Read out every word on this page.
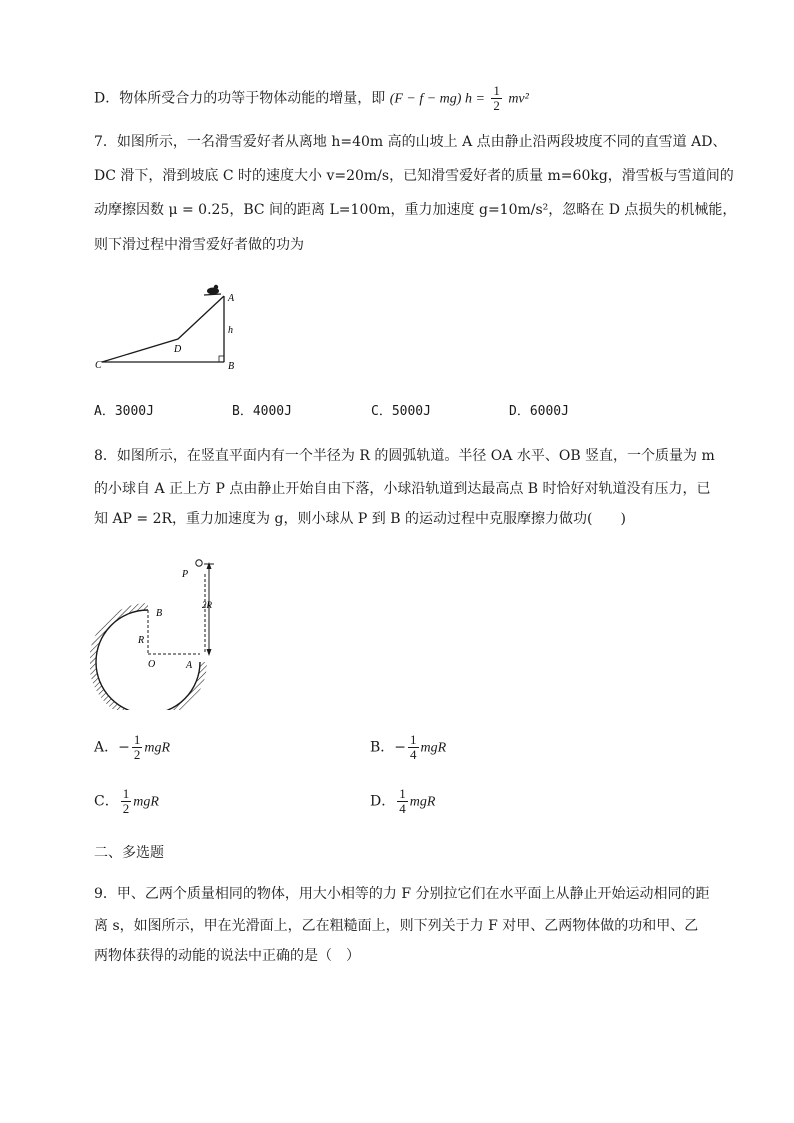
D．物体所受合力的功等于物体动能的增量，即 (F − f − mg) $h = \frac{1}{2} mv^2$
7．如图所示，一名滑雪爱好者从离地 h=40m 高的山坡上 A 点由静止沿两段坡度不同的直雪道 AD、
DC 滑下，滑到坡底 C 时的速度大小 v=20m/s，已知滑雪爱好者的质量 m=60kg，滑雪板与雪道间的
动摩擦因数 μ = 0.25，BC 间的距离 L=100m，重力加速度 g=10m/s²，忽略在 D 点损失的机械能，
则下滑过程中滑雪爱好者做的功为
A
B
C
D
h
A．3000J	B．4000J	C．5000J	D．6000J
8．如图所示，在竖直平面内有一个半径为 R 的圆弧轨道。半径 OA 水平、OB 竖直，一个质量为 m
的小球自 A 正上方 P 点由静止开始自由下落，小球沿轨道到达最高点 B 时恰好对轨道没有压力，已
知 AP = 2R，重力加速度为 g，则小球从 P 到 B 的运动过程中克服摩擦力做功(　　)
P
B
R
O	A
2R
A．− $\frac{1}{2}$ mgR	B．− $\frac{1}{4}$ mgR
C． $\frac{1}{2}$ mgR	D． $\frac{1}{4}$ mgR
二、多选题
9．甲、乙两个质量相同的物体，用大小相等的力 F 分别拉它们在水平面上从静止开始运动相同的距
离 s，如图所示，甲在光滑面上，乙在粗糙面上，则下列关于力 F 对甲、乙两物体做的功和甲、乙
两物体获得的动能的说法中正确的是（　）
